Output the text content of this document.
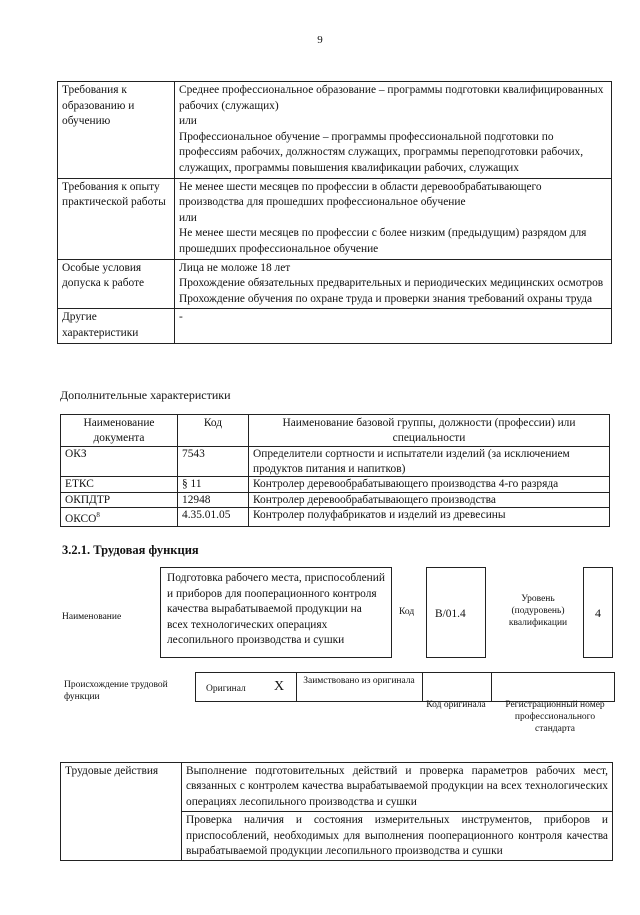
9
Требования к образованию и обучению	Среднее профессиональное образование – программы подготовки квалифицированных рабочих (служащих)
или
Профессиональное обучение – программы профессиональной подготовки по профессиям рабочих, должностям служащих, программы переподготовки рабочих, служащих, программы повышения квалификации рабочих, служащих

Требования к опыту практической работы	Не менее шести месяцев по профессии в области деревообрабатывающего производства для прошедших профессиональное обучение
или
Не менее шести месяцев по профессии с более низким (предыдущим) разрядом для прошедших профессиональное обучение

Особые условия допуска к работе	Лица не моложе 18 лет
Прохождение обязательных предварительных и периодических медицинских осмотров
Прохождение обучения по охране труда и проверки знания требований охраны труда

Другие характеристики	-
Дополнительные характеристики
Наименование документа	Код	Наименование базовой группы, должности (профессии) или специальности
ОКЗ	7543	Определители сортности и испытатели изделий (за исключением продуктов питания и напитков)
ЕТКС	§ 11	Контролер деревообрабатывающего производства 4-го разряда
ОКПДТР	12948	Контролер деревообрабатывающего производства
ОКСО$^8$	4.35.01.05	Контролер полуфабрикатов и изделий из древесины
3.2.1. Трудовая функция
Наименование
Подготовка рабочего места, приспособлений и приборов для пооперационного контроля качества вырабатываемой продукции на всех технологических операциях лесопильного производства и сушки
Код	В/01.4
Уровень (подуровень) квалификации
4
Происхождение трудовой функции
Оригинал X	Заимствовано из оригинала
Код оригинала	Регистрационный номер профессионального стандарта
Трудовые действия	Выполнение подготовительных действий и проверка параметров рабочих мест, связанных с контролем качества вырабатываемой продукции на всех технологических операциях лесопильного производства и сушки
Проверка наличия и состояния измерительных инструментов, приборов и приспособлений, необходимых для выполнения пооперационного контроля качества вырабатываемой продукции лесопильного производства и сушки
